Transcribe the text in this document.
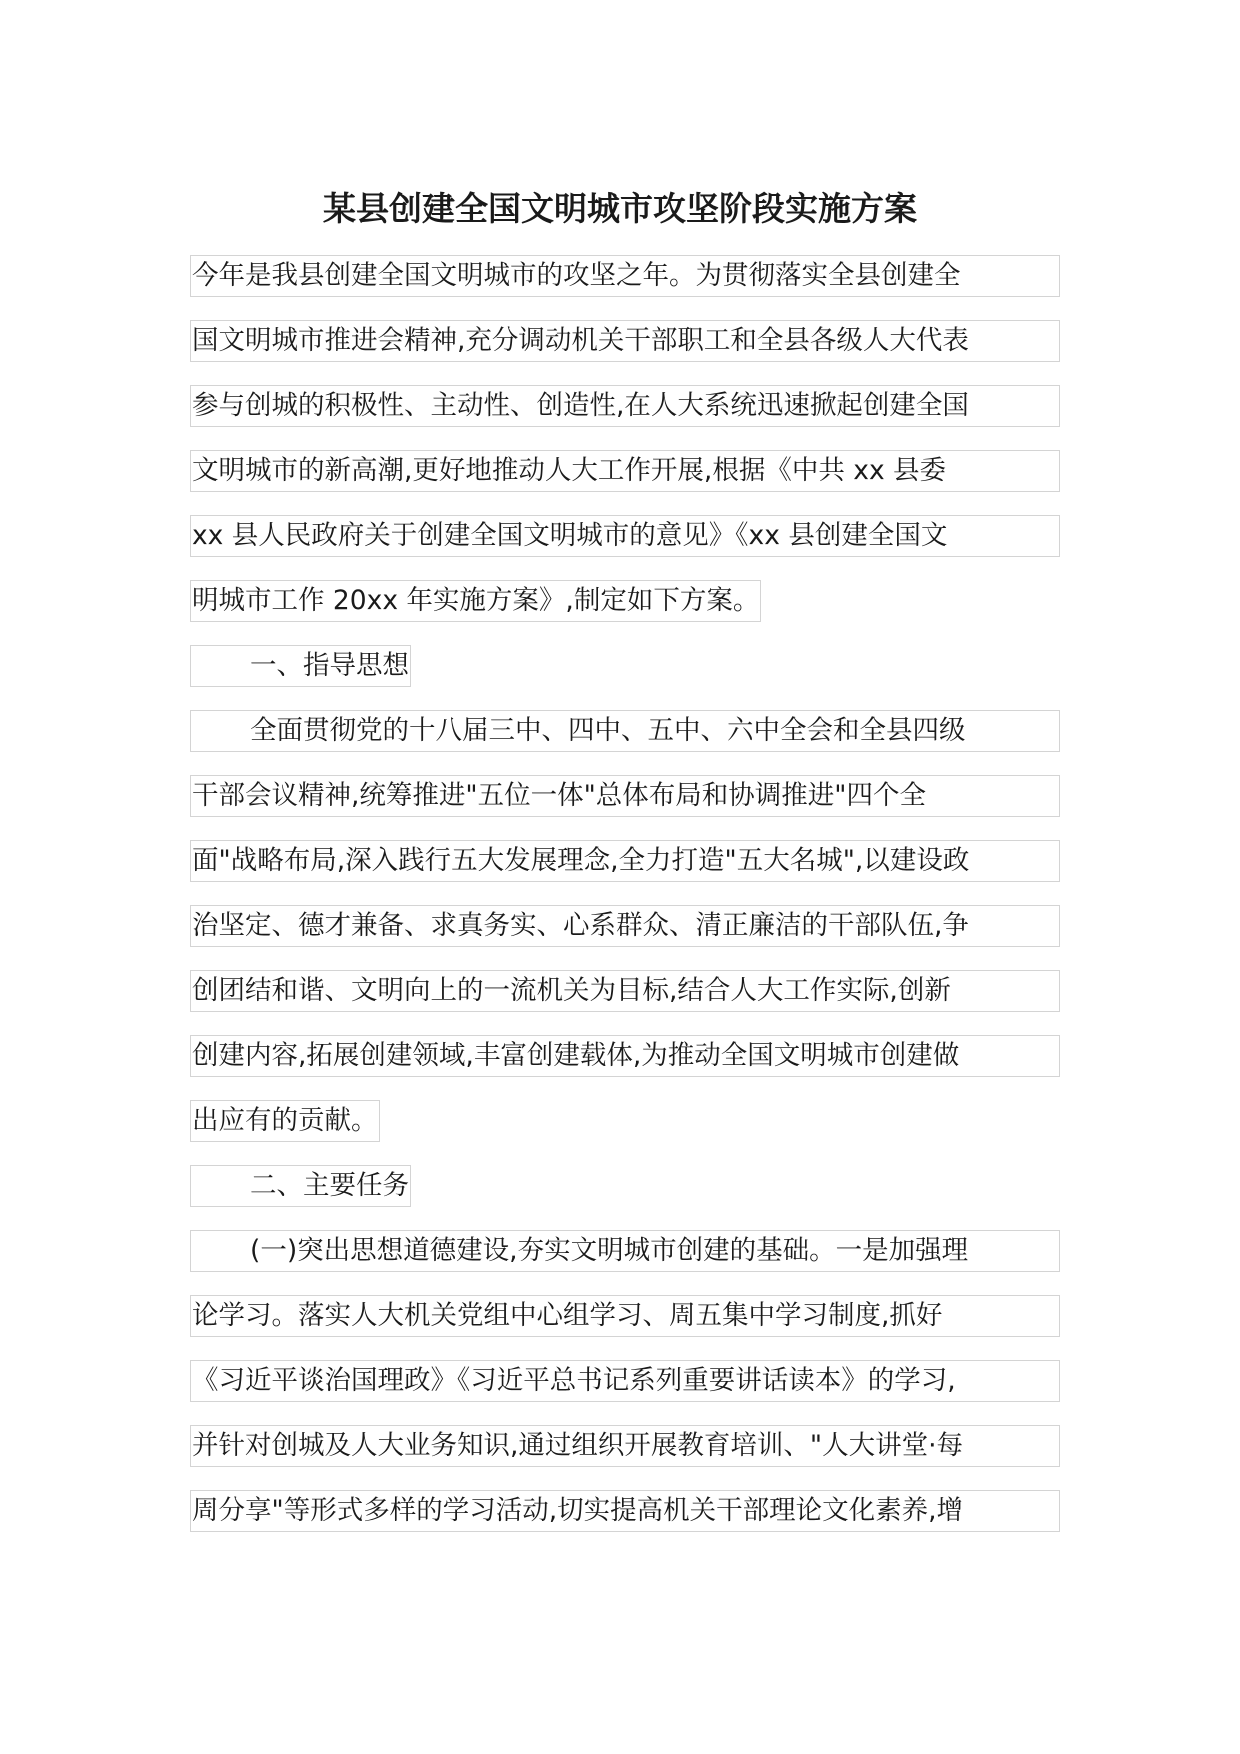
某县创建全国文明城市攻坚阶段实施方案
今年是我县创建全国文明城市的攻坚之年。为贯彻落实全县创建全
国文明城市推进会精神,充分调动机关干部职工和全县各级人大代表
参与创城的积极性、主动性、创造性,在人大系统迅速掀起创建全国
文明城市的新高潮,更好地推动人大工作开展,根据《中共 xx 县委
xx 县人民政府关于创建全国文明城市的意见》《xx 县创建全国文
明城市工作 20xx 年实施方案》,制定如下方案。
一、指导思想
全面贯彻党的十八届三中、四中、五中、六中全会和全县四级
干部会议精神,统筹推进"五位一体"总体布局和协调推进"四个全
面"战略布局,深入践行五大发展理念,全力打造"五大名城",以建设政
治坚定、德才兼备、求真务实、心系群众、清正廉洁的干部队伍,争
创团结和谐、文明向上的一流机关为目标,结合人大工作实际,创新
创建内容,拓展创建领域,丰富创建载体,为推动全国文明城市创建做
出应有的贡献。
二、主要任务
(一)突出思想道德建设,夯实文明城市创建的基础。一是加强理
论学习。落实人大机关党组中心组学习、周五集中学习制度,抓好
《习近平谈治国理政》《习近平总书记系列重要讲话读本》的学习,
并针对创城及人大业务知识,通过组织开展教育培训、"人大讲堂·每
周分享"等形式多样的学习活动,切实提高机关干部理论文化素养,增
